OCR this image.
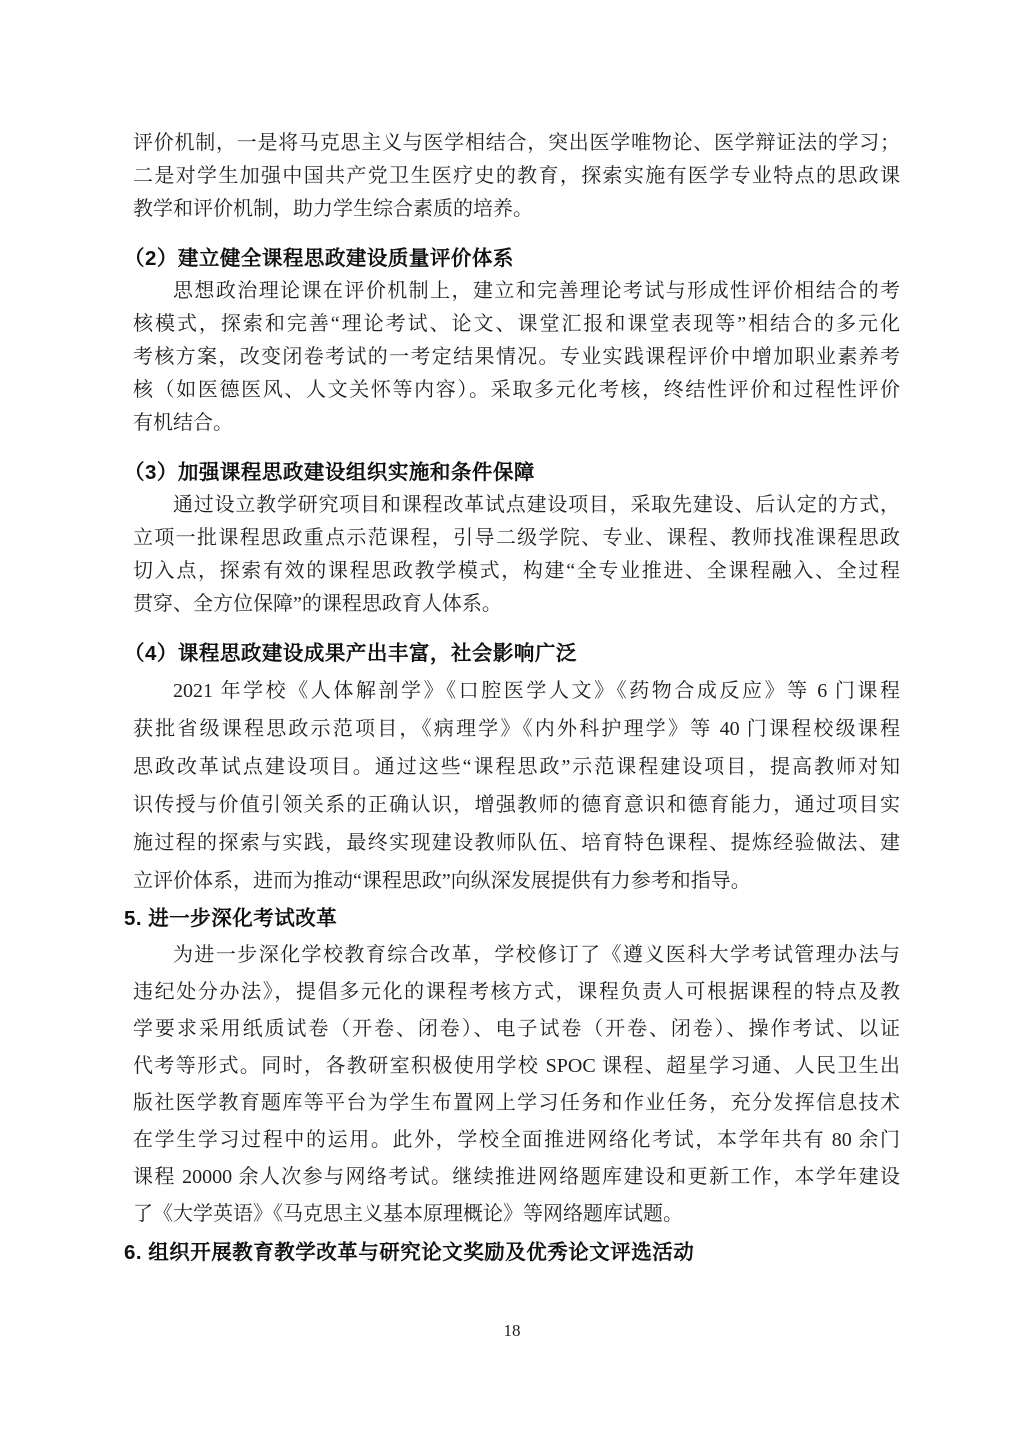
评价机制，一是将马克思主义与医学相结合，突出医学唯物论、医学辩证法的学习；
二是对学生加强中国共产党卫生医疗史的教育，探索实施有医学专业特点的思政课
教学和评价机制，助力学生综合素质的培养。
（2）建立健全课程思政建设质量评价体系
思想政治理论课在评价机制上，建立和完善理论考试与形成性评价相结合的考
核模式，探索和完善“理论考试、论文、课堂汇报和课堂表现等”相结合的多元化
考核方案，改变闭卷考试的一考定结果情况。专业实践课程评价中增加职业素养考
核（如医德医风、人文关怀等内容）。采取多元化考核，终结性评价和过程性评价
有机结合。
（3）加强课程思政建设组织实施和条件保障
通过设立教学研究项目和课程改革试点建设项目，采取先建设、后认定的方式，
立项一批课程思政重点示范课程，引导二级学院、专业、课程、教师找准课程思政
切入点，探索有效的课程思政教学模式，构建“全专业推进、全课程融入、全过程
贯穿、全方位保障”的课程思政育人体系。
（4）课程思政建设成果产出丰富，社会影响广泛
2021 年学校《人体解剖学》《口腔医学人文》《药物合成反应》等 6 门课程
获批省级课程思政示范项目，《病理学》《内外科护理学》等 40 门课程校级课程
思政改革试点建设项目。通过这些“课程思政”示范课程建设项目，提高教师对知
识传授与价值引领关系的正确认识，增强教师的德育意识和德育能力，通过项目实
施过程的探索与实践，最终实现建设教师队伍、培育特色课程、提炼经验做法、建
立评价体系，进而为推动“课程思政”向纵深发展提供有力参考和指导。
5. 进一步深化考试改革
为进一步深化学校教育综合改革，学校修订了《遵义医科大学考试管理办法与
违纪处分办法》，提倡多元化的课程考核方式，课程负责人可根据课程的特点及教
学要求采用纸质试卷（开卷、闭卷）、电子试卷（开卷、闭卷）、操作考试、以证
代考等形式。同时，各教研室积极使用学校 SPOC 课程、超星学习通、人民卫生出
版社医学教育题库等平台为学生布置网上学习任务和作业任务，充分发挥信息技术
在学生学习过程中的运用。此外，学校全面推进网络化考试，本学年共有 80 余门
课程 20000 余人次参与网络考试。继续推进网络题库建设和更新工作，本学年建设
了《大学英语》《马克思主义基本原理概论》等网络题库试题。
6. 组织开展教育教学改革与研究论文奖励及优秀论文评选活动
18
